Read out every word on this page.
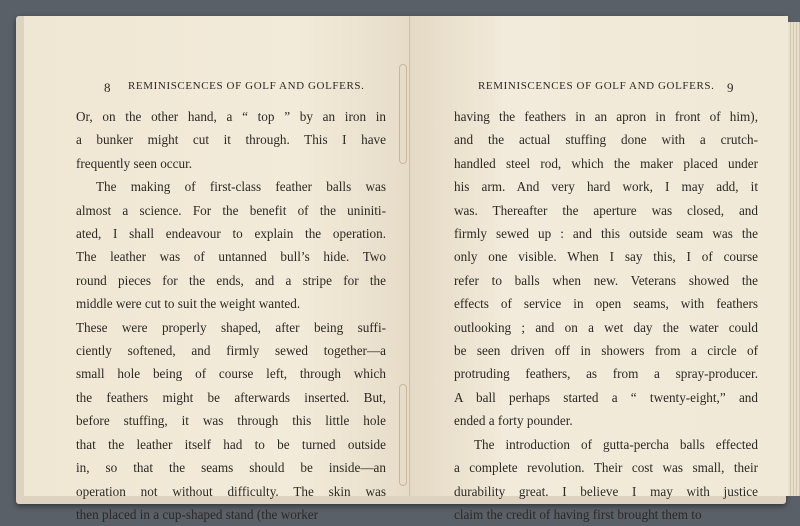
8 REMINISCENCES OF GOLF AND GOLFERS.
Or, on the other hand, a “ top ” by an iron in
a bunker might cut it through. This I have
frequently seen occur.
The making of first-class feather balls was
almost a science. For the benefit of the uniniti-
ated, I shall endeavour to explain the operation.
The leather was of untanned bull’s hide. Two
round pieces for the ends, and a stripe for the
middle were cut to suit the weight wanted.
These were properly shaped, after being suffi-
ciently softened, and firmly sewed together—a
small hole being of course left, through which
the feathers might be afterwards inserted. But,
before stuffing, it was through this little hole
that the leather itself had to be turned outside
in, so that the seams should be inside—an
operation not without difficulty. The skin was
then placed in a cup-shaped stand (the worker
REMINISCENCES OF GOLF AND GOLFERS. 9
having the feathers in an apron in front of him),
and the actual stuffing done with a crutch-
handled steel rod, which the maker placed under
his arm. And very hard work, I may add, it
was. Thereafter the aperture was closed, and
firmly sewed up : and this outside seam was the
only one visible. When I say this, I of course
refer to balls when new. Veterans showed the
effects of service in open seams, with feathers
outlooking ; and on a wet day the water could
be seen driven off in showers from a circle of
protruding feathers, as from a spray-producer.
A ball perhaps started a “ twenty-eight,” and
ended a forty pounder.
The introduction of gutta-percha balls effected
a complete revolution. Their cost was small, their
durability great. I believe I may with justice
claim the credit of having first brought them to
